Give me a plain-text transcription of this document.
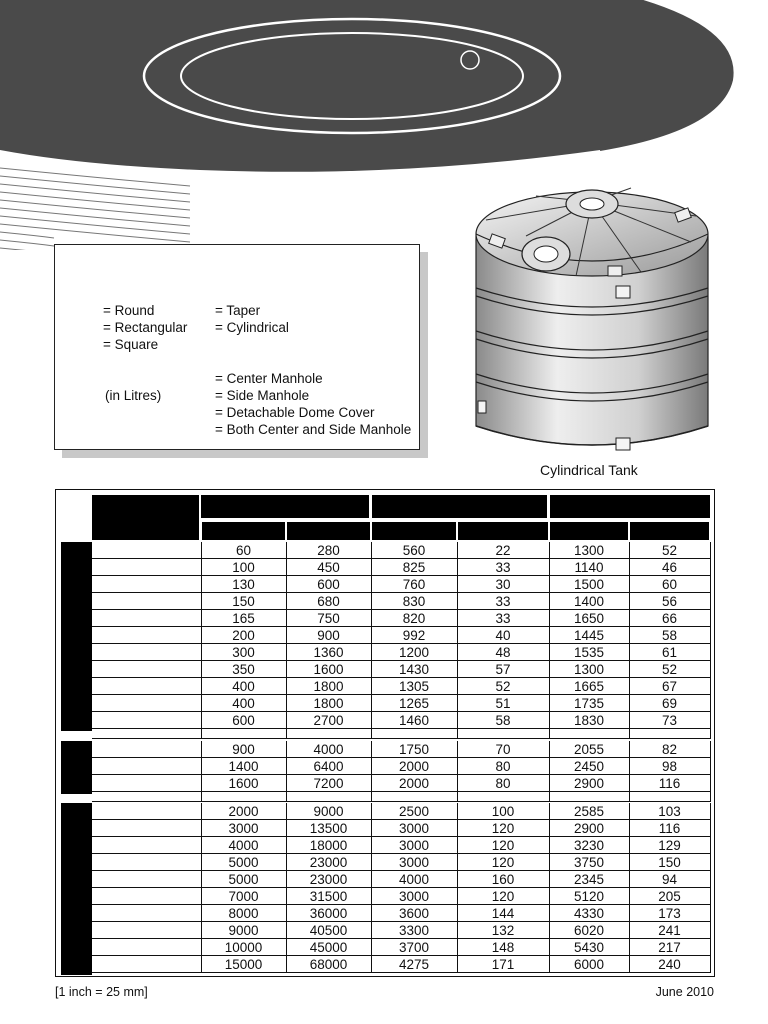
= Round
= Rectangular
= Square
(in Litres)
= Taper
= Cylindrical
= Center Manhole
= Side Manhole
= Detachable Dome Cover
= Both Center and Side Manhole
Cylindrical Tank
60	280	560	22	1300	52
100	450	825	33	1140	46
130	600	760	30	1500	60
150	680	830	33	1400	56
165	750	820	33	1650	66
200	900	992	40	1445	58
300	1360	1200	48	1535	61
350	1600	1430	57	1300	52
400	1800	1305	52	1665	67
400	1800	1265	51	1735	69
600	2700	1460	58	1830	73
900	4000	1750	70	2055	82
1400	6400	2000	80	2450	98
1600	7200	2000	80	2900	116
2000	9000	2500	100	2585	103
3000	13500	3000	120	2900	116
4000	18000	3000	120	3230	129
5000	23000	3000	120	3750	150
5000	23000	4000	160	2345	94
7000	31500	3000	120	5120	205
8000	36000	3600	144	4330	173
9000	40500	3300	132	6020	241
10000	45000	3700	148	5430	217
15000	68000	4275	171	6000	240
[1 inch = 25 mm]	June 2010
